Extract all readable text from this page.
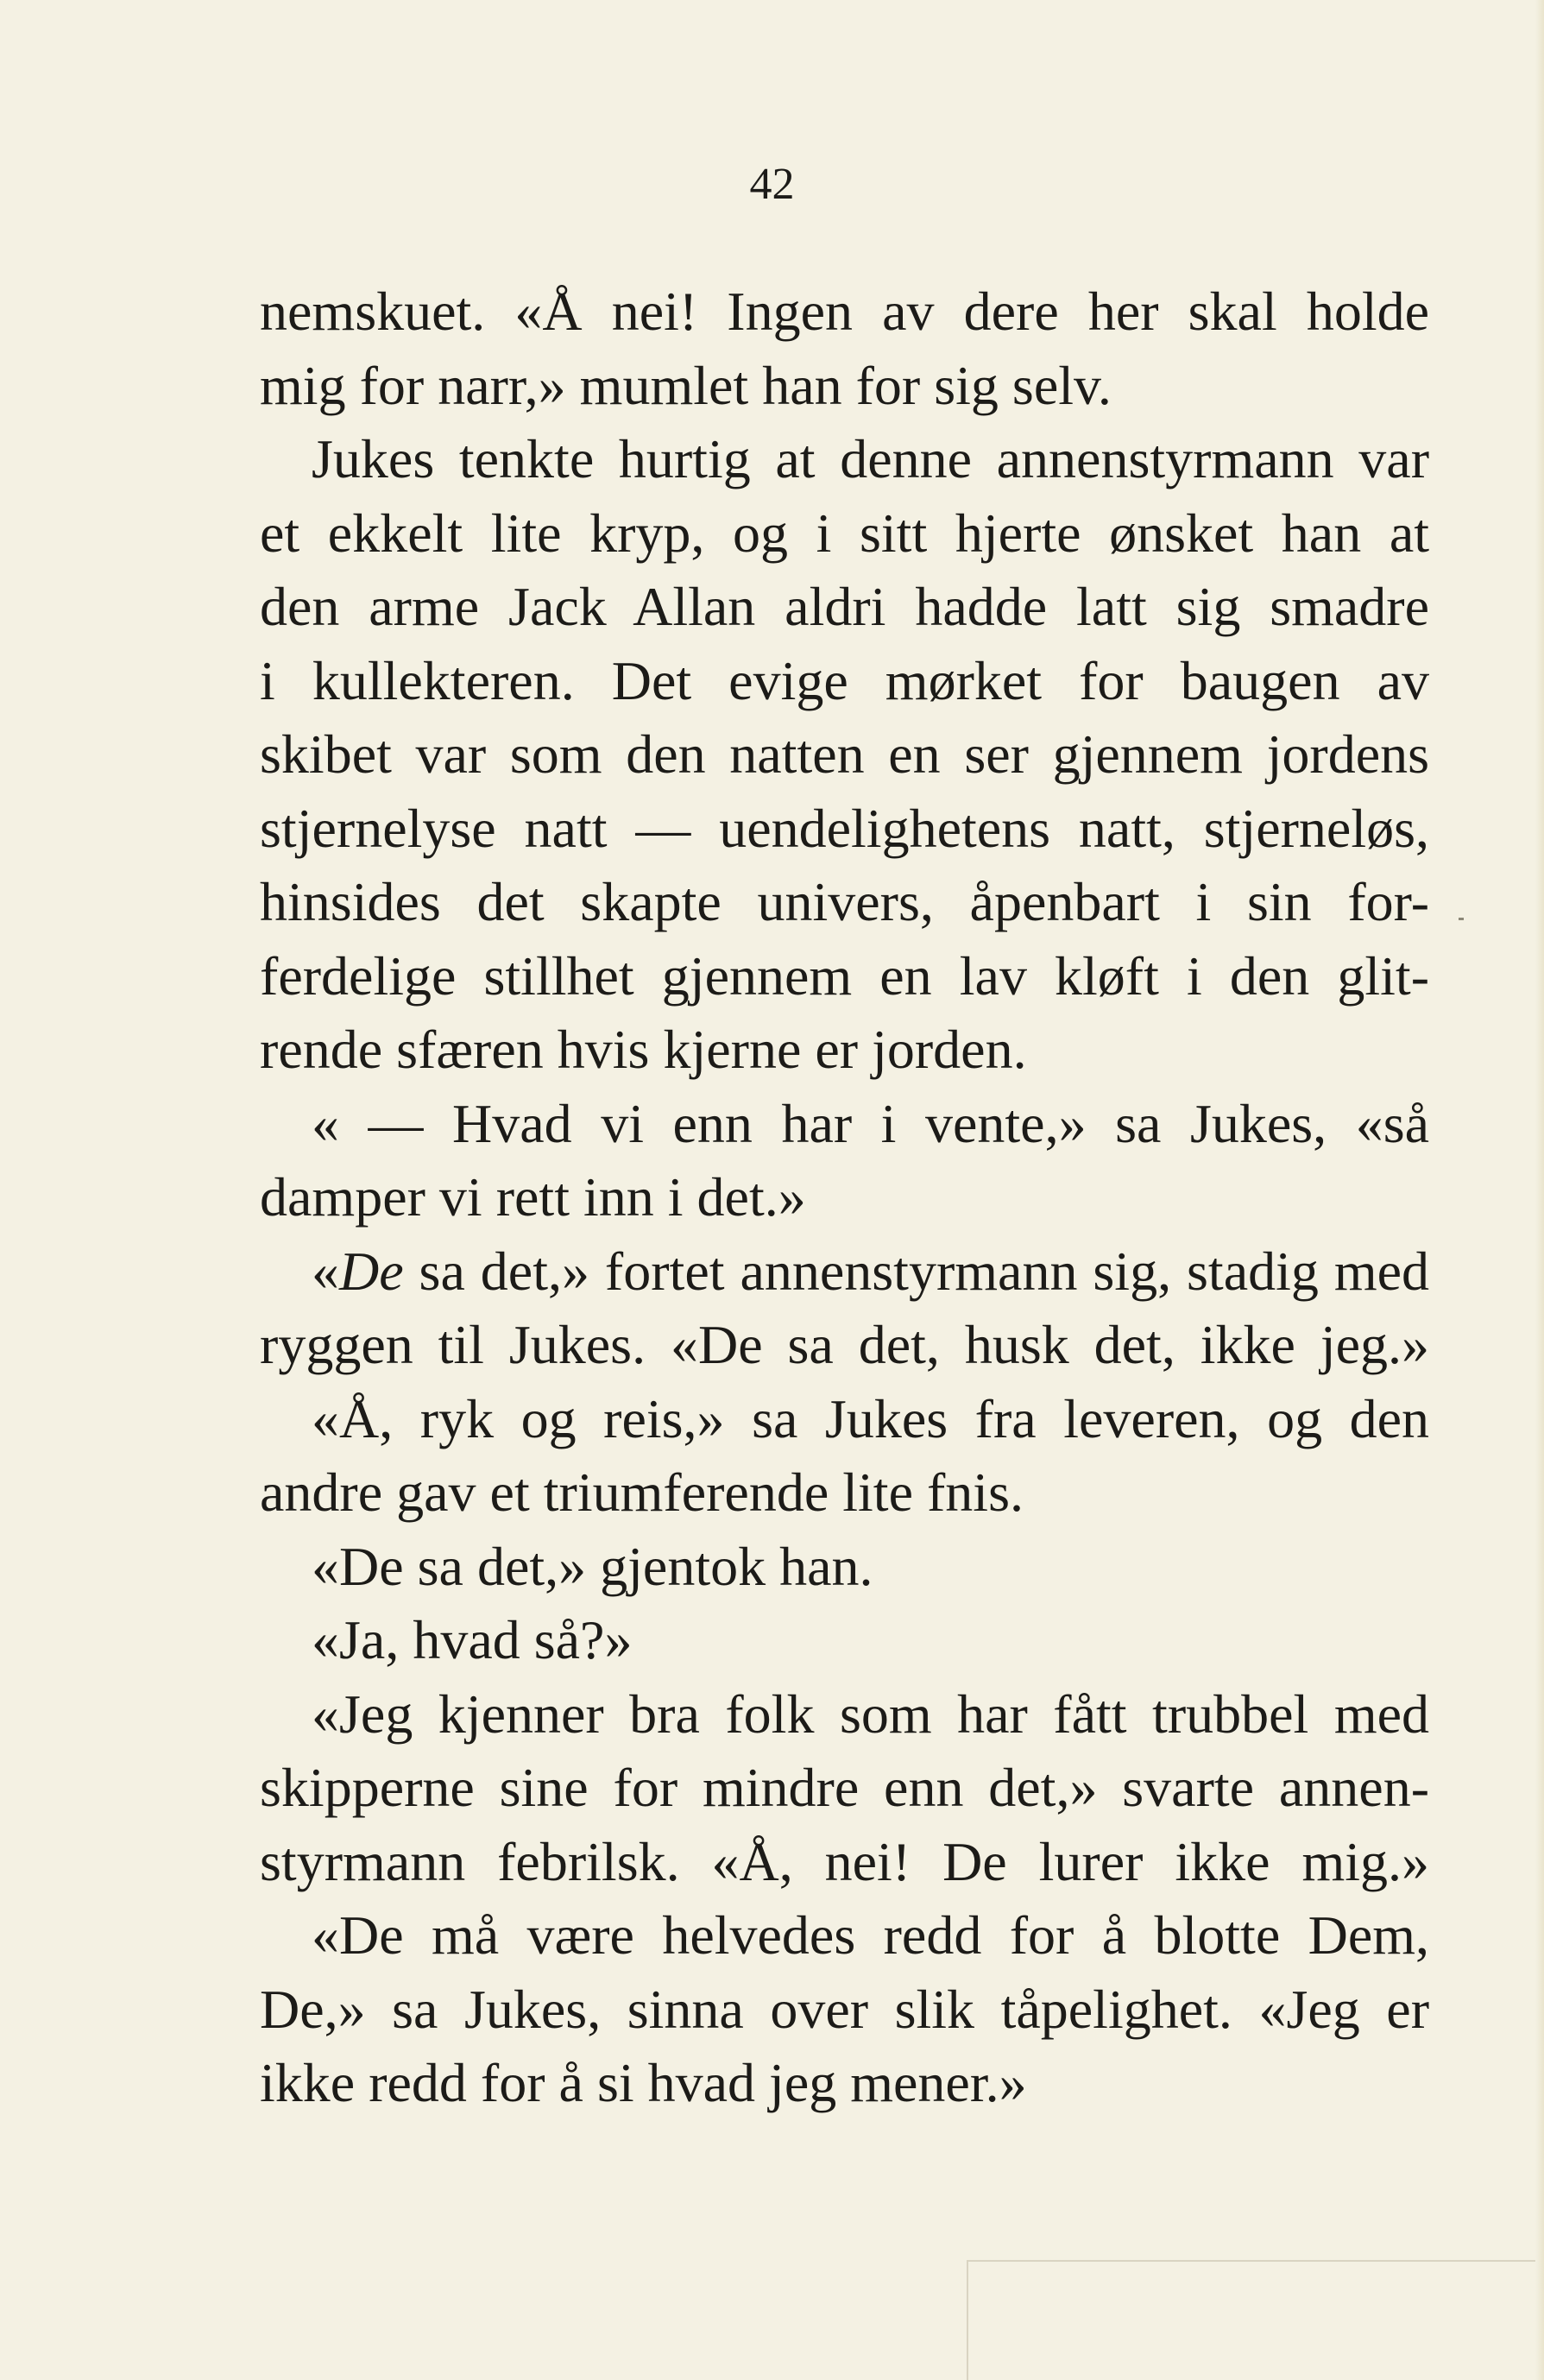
42
nemskuet. «Å nei! Ingen av dere her skal holde
mig for narr,» mumlet han for sig selv.
Jukes tenkte hurtig at denne annenstyrmann var
et ekkelt lite kryp, og i sitt hjerte ønsket han at
den arme Jack Allan aldri hadde latt sig smadre
i kullekteren. Det evige mørket for baugen av
skibet var som den natten en ser gjennem jordens
stjernelyse natt — uendelighetens natt, stjerneløs,
hinsides det skapte univers, åpenbart i sin for-
ferdelige stillhet gjennem en lav kløft i den glit-
rende sfæren hvis kjerne er jorden.
« — Hvad vi enn har i vente,» sa Jukes, «så
damper vi rett inn i det.»
«De sa det,» fortet annenstyrmann sig, stadig med
ryggen til Jukes. «De sa det, husk det, ikke jeg.»
«Å, ryk og reis,» sa Jukes fra leveren, og den
andre gav et triumferende lite fnis.
«De sa det,» gjentok han.
«Ja, hvad så?»
«Jeg kjenner bra folk som har fått trubbel med
skipperne sine for mindre enn det,» svarte annen-
styrmann febrilsk. «Å, nei! De lurer ikke mig.»
«De må være helvedes redd for å blotte Dem,
De,» sa Jukes, sinna over slik tåpelighet. «Jeg er
ikke redd for å si hvad jeg mener.»
